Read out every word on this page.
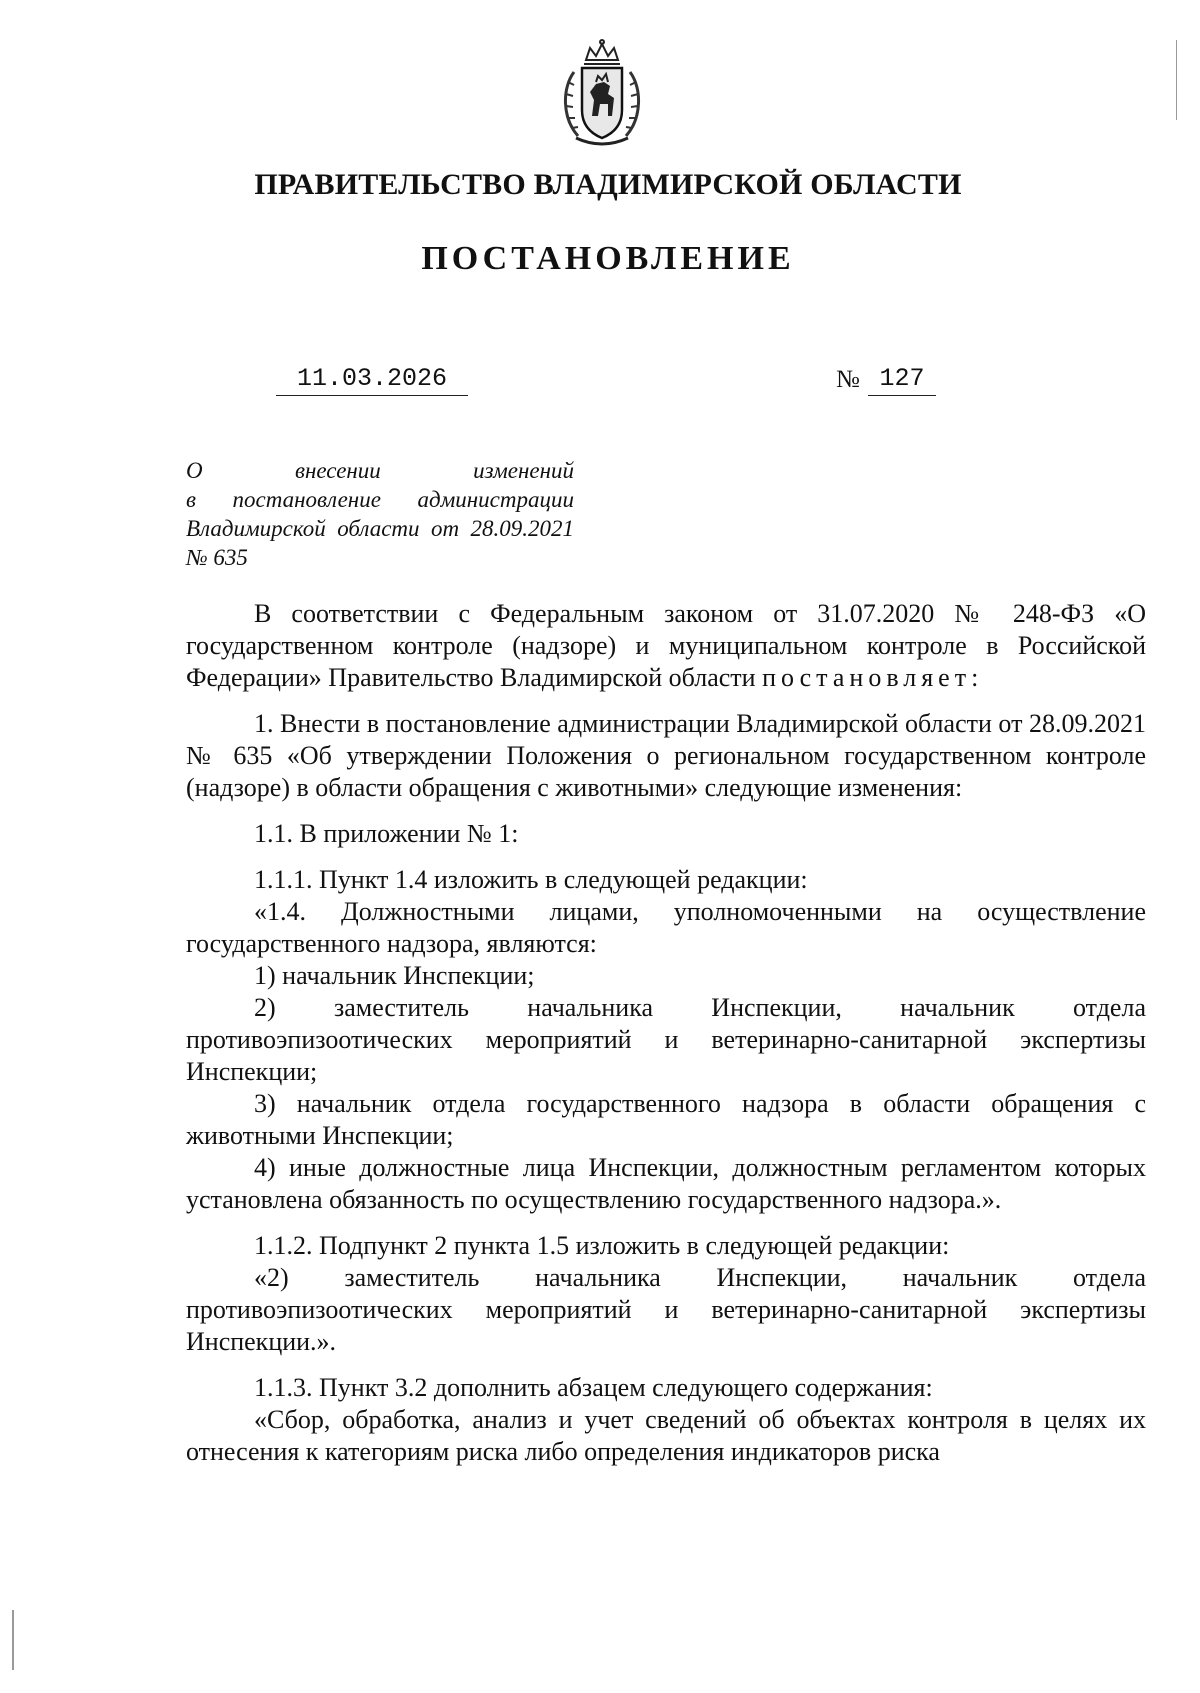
ПРАВИТЕЛЬСТВО ВЛАДИМИРСКОЙ ОБЛАСТИ
ПОСТАНОВЛЕНИЕ
11.03.2026	№ 127
О внесении изменений
в постановление администрации
Владимирской области от 28.09.2021
№ 635

В соответствии с Федеральным законом от 31.07.2020 № 248-ФЗ «О государственном контроле (надзоре) и муниципальном контроле в Российской Федерации» Правительство Владимирской области постановляет:

1. Внести в постановление администрации Владимирской области от 28.09.2021 № 635 «Об утверждении Положения о региональном государственном контроле (надзоре) в области обращения с животными» следующие изменения:

1.1. В приложении № 1:

1.1.1. Пункт 1.4 изложить в следующей редакции:

«1.4. Должностными лицами, уполномоченными на осуществление государственного надзора, являются:

1) начальник Инспекции;

2) заместитель начальника Инспекции, начальник отдела противоэпизоотических мероприятий и ветеринарно-санитарной экспертизы Инспекции;

3) начальник отдела государственного надзора в области обращения с животными Инспекции;

4) иные должностные лица Инспекции, должностным регламентом которых установлена обязанность по осуществлению государственного надзора.».

1.1.2. Подпункт 2 пункта 1.5 изложить в следующей редакции:

«2) заместитель начальника Инспекции, начальник отдела противоэпизоотических мероприятий и ветеринарно-санитарной экспертизы Инспекции.».

1.1.3. Пункт 3.2 дополнить абзацем следующего содержания:

«Сбор, обработка, анализ и учет сведений об объектах контроля в целях их отнесения к категориям риска либо определения индикаторов риска
